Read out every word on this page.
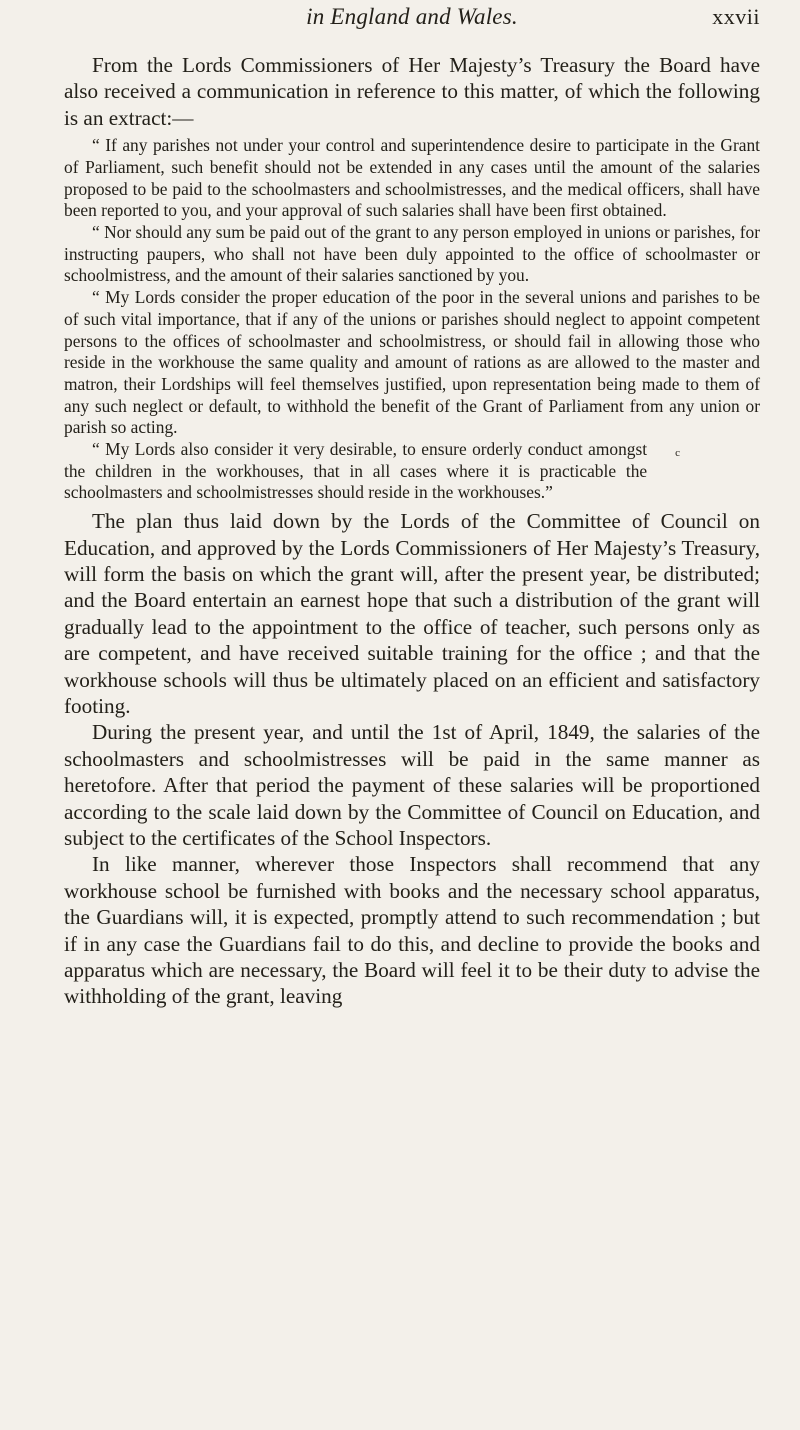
in England and Wales.	xxvii

From the Lords Commissioners of Her Majesty’s Treasury the Board have also received a communication in reference to this matter, of which the following is an extract:—

“ If any parishes not under your control and superintendence desire to participate in the Grant of Parliament, such benefit should not be extended in any cases until the amount of the salaries proposed to be paid to the schoolmasters and schoolmistresses, and the medical officers, shall have been reported to you, and your approval of such salaries shall have been first obtained.

“ Nor should any sum be paid out of the grant to any person employed in unions or parishes, for instructing paupers, who shall not have been duly appointed to the office of schoolmaster or schoolmistress, and the amount of their salaries sanctioned by you.

“ My Lords consider the proper education of the poor in the several unions and parishes to be of such vital importance, that if any of the unions or parishes should neglect to appoint competent persons to the offices of schoolmaster and schoolmistress, or should fail in allowing those who reside in the workhouse the same quality and amount of rations as are allowed to the master and matron, their Lordships will feel themselves justified, upon representation being made to them of any such neglect or default, to withhold the benefit of the Grant of Parliament from any union or parish so acting.

c
“ My Lords also consider it very desirable, to ensure orderly conduct amongst the children in the workhouses, that in all cases where it is practicable the schoolmasters and schoolmistresses should reside in the workhouses.”

The plan thus laid down by the Lords of the Committee of Council on Education, and approved by the Lords Commissioners of Her Majesty’s Treasury, will form the basis on which the grant will, after the present year, be distributed; and the Board entertain an earnest hope that such a distribution of the grant will gradually lead to the appointment to the office of teacher, such persons only as are competent, and have received suitable training for the office ; and that the workhouse schools will thus be ultimately placed on an efficient and satisfactory footing.

During the present year, and until the 1st of April, 1849, the salaries of the schoolmasters and schoolmistresses will be paid in the same manner as heretofore. After that period the payment of these salaries will be proportioned according to the scale laid down by the Committee of Council on Education, and subject to the certificates of the School Inspectors.

In like manner, wherever those Inspectors shall recommend that any workhouse school be furnished with books and the necessary school apparatus, the Guardians will, it is expected, promptly attend to such recommendation ; but if in any case the Guardians fail to do this, and decline to provide the books and apparatus which are necessary, the Board will feel it to be their duty to advise the withholding of the grant, leaving
